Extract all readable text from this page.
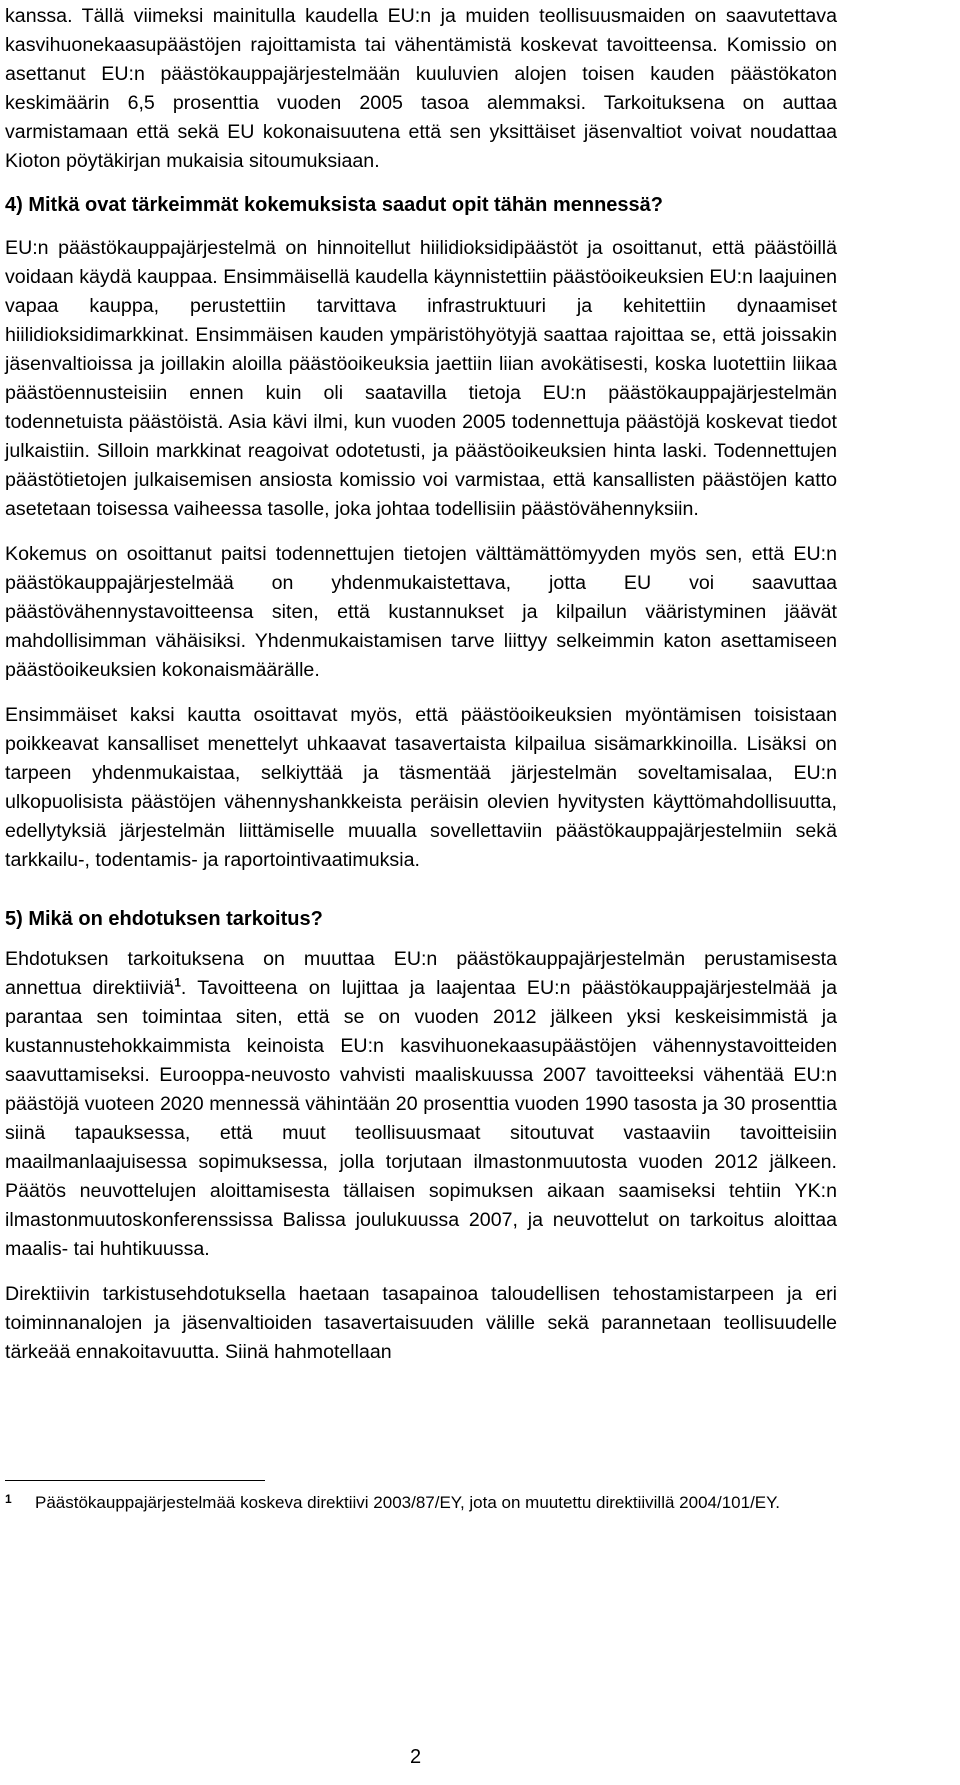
kanssa. Tällä viimeksi mainitulla kaudella EU:n ja muiden teollisuusmaiden on saavutettava kasvihuonekaasupäästöjen rajoittamista tai vähentämistä koskevat tavoitteensa. Komissio on asettanut EU:n päästökauppajärjestelmään kuuluvien alojen toisen kauden päästökaton keskimäärin 6,5 prosenttia vuoden 2005 tasoa alemmaksi. Tarkoituksena on auttaa varmistamaan että sekä EU kokonaisuutena että sen yksittäiset jäsenvaltiot voivat noudattaa Kioton pöytäkirjan mukaisia sitoumuksiaan.

4) Mitkä ovat tärkeimmät kokemuksista saadut opit tähän mennessä?

EU:n päästökauppajärjestelmä on hinnoitellut hiilidioksidipäästöt ja osoittanut, että päästöillä voidaan käydä kauppaa. Ensimmäisellä kaudella käynnistettiin päästöoikeuksien EU:n laajuinen vapaa kauppa, perustettiin tarvittava infrastruktuuri ja kehitettiin dynaamiset hiilidioksidimarkkinat. Ensimmäisen kauden ympäristöhyötyjä saattaa rajoittaa se, että joissakin jäsenvaltioissa ja joillakin aloilla päästöoikeuksia jaettiin liian avokätisesti, koska luotettiin liikaa päästöennusteisiin ennen kuin oli saatavilla tietoja EU:n päästökauppajärjestelmän todennetuista päästöistä. Asia kävi ilmi, kun vuoden 2005 todennettuja päästöjä koskevat tiedot julkaistiin. Silloin markkinat reagoivat odotetusti, ja päästöoikeuksien hinta laski. Todennettujen päästötietojen julkaisemisen ansiosta komissio voi varmistaa, että kansallisten päästöjen katto asetetaan toisessa vaiheessa tasolle, joka johtaa todellisiin päästövähennyksiin.

Kokemus on osoittanut paitsi todennettujen tietojen välttämättömyyden myös sen, että EU:n päästökauppajärjestelmää on yhdenmukaistettava, jotta EU voi saavuttaa päästövähennystavoitteensa siten, että kustannukset ja kilpailun vääristyminen jäävät mahdollisimman vähäisiksi. Yhdenmukaistamisen tarve liittyy selkeimmin katon asettamiseen päästöoikeuksien kokonaismäärälle.

Ensimmäiset kaksi kautta osoittavat myös, että päästöoikeuksien myöntämisen toisistaan poikkeavat kansalliset menettelyt uhkaavat tasavertaista kilpailua sisämarkkinoilla. Lisäksi on tarpeen yhdenmukaistaa, selkiyttää ja täsmentää järjestelmän soveltamisalaa, EU:n ulkopuolisista päästöjen vähennyshankkeista peräisin olevien hyvitysten käyttömahdollisuutta, edellytyksiä järjestelmän liittämiselle muualla sovellettaviin päästökauppajärjestelmiin sekä tarkkailu-, todentamis- ja raportointivaatimuksia.

5) Mikä on ehdotuksen tarkoitus?

Ehdotuksen tarkoituksena on muuttaa EU:n päästökauppajärjestelmän perustamisesta annettua direktiiviä$^1$. Tavoitteena on lujittaa ja laajentaa EU:n päästökauppajärjestelmää ja parantaa sen toimintaa siten, että se on vuoden 2012 jälkeen yksi keskeisimmistä ja kustannustehokkaimmista keinoista EU:n kasvihuonekaasupäästöjen vähennystavoitteiden saavuttamiseksi. Eurooppa-neuvosto vahvisti maaliskuussa 2007 tavoitteeksi vähentää EU:n päästöjä vuoteen 2020 mennessä vähintään 20 prosenttia vuoden 1990 tasosta ja 30 prosenttia siinä tapauksessa, että muut teollisuusmaat sitoutuvat vastaaviin tavoitteisiin maailmanlaajuisessa sopimuksessa, jolla torjutaan ilmastonmuutosta vuoden 2012 jälkeen. Päätös neuvottelujen aloittamisesta tällaisen sopimuksen aikaan saamiseksi tehtiin YK:n ilmastonmuutoskonferenssissa Balissa joulukuussa 2007, ja neuvottelut on tarkoitus aloittaa maalis- tai huhtikuussa.

Direktiivin tarkistusehdotuksella haetaan tasapainoa taloudellisen tehostamistarpeen ja eri toiminnanalojen ja jäsenvaltioiden tasavertaisuuden välille sekä parannetaan teollisuudelle tärkeää ennakoitavuutta. Siinä hahmotellaan

1 Päästökauppajärjestelmää koskeva direktiivi 2003/87/EY, jota on muutettu direktiivillä 2004/101/EY.
2
